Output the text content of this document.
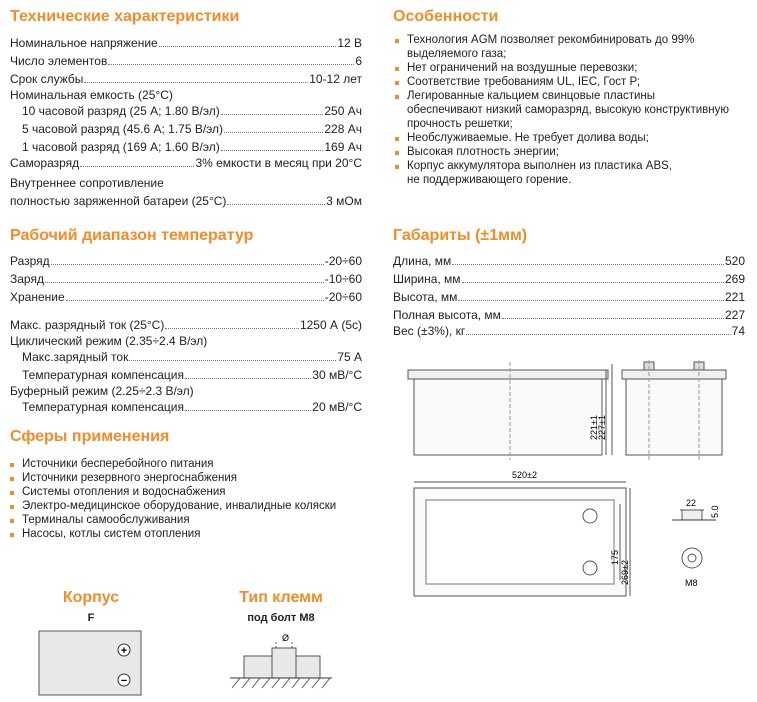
Технические характеристики
Номинальное напряжение	12 В
Число элементов	6
Срок службы	10-12 лет
Номинальная емкость (25°С)
10 часовой разряд (25 А; 1.80 В/эл)	250 Ач
5 часовой разряд (45.6 А; 1.75 В/эл)	228 Ач
1 часовой разряд (169 А; 1.60 В/эл)	169 Ач
Саморазряд	3% емкости в месяц при 20°С
Внутреннее сопротивление
полностью заряженной батареи (25°С)	3 мОм
Рабочий диапазон температур
Разряд	-20÷60
Заряд	-10÷60
Хранение	-20÷60
Макс. разрядный ток (25°С)	1250 А (5с)
Циклический режим (2.35÷2.4 В/эл)
Макс.зарядный ток	75 А
Температурная компенсация	30 мВ/°С
Буферный режим (2.25÷2.3 В/эл)
Температурная компенсация	20 мВ/°С
Сферы применения
Источники бесперебойного питания
Источники резервного энергоснабжения
Системы отопления и водоснабжения
Электро-медицинское оборудование, инвалидные коляски
Терминалы самообслуживания
Насосы, котлы систем отопления
Корпус
F
+
−
Тип клемм
под болт М8
Ø
Особенности
Технология AGM позволяет рекомбинировать до 99%
выделяемого газа;
Нет ограничений на воздушные перевозки;
Соответствие требованиям UL, IEC, Гост Р;
Легированные кальцием свинцовые пластины
обеспечивают низкий саморазряд, высокую конструктивную
прочность решетки;
Необслуживаемые. Не требует долива воды;
Высокая плотность энергии;
Корпус аккумулятора выполнен из пластика ABS,
не поддерживающего горение.
Габариты (±1мм)
Длина, мм	520
Ширина, мм	269
Высота, мм	221
Полная высота, мм	227
Вес (±3%), кг	74
221±1
227±1
520±2
175
269±2
22
5.0
M8
